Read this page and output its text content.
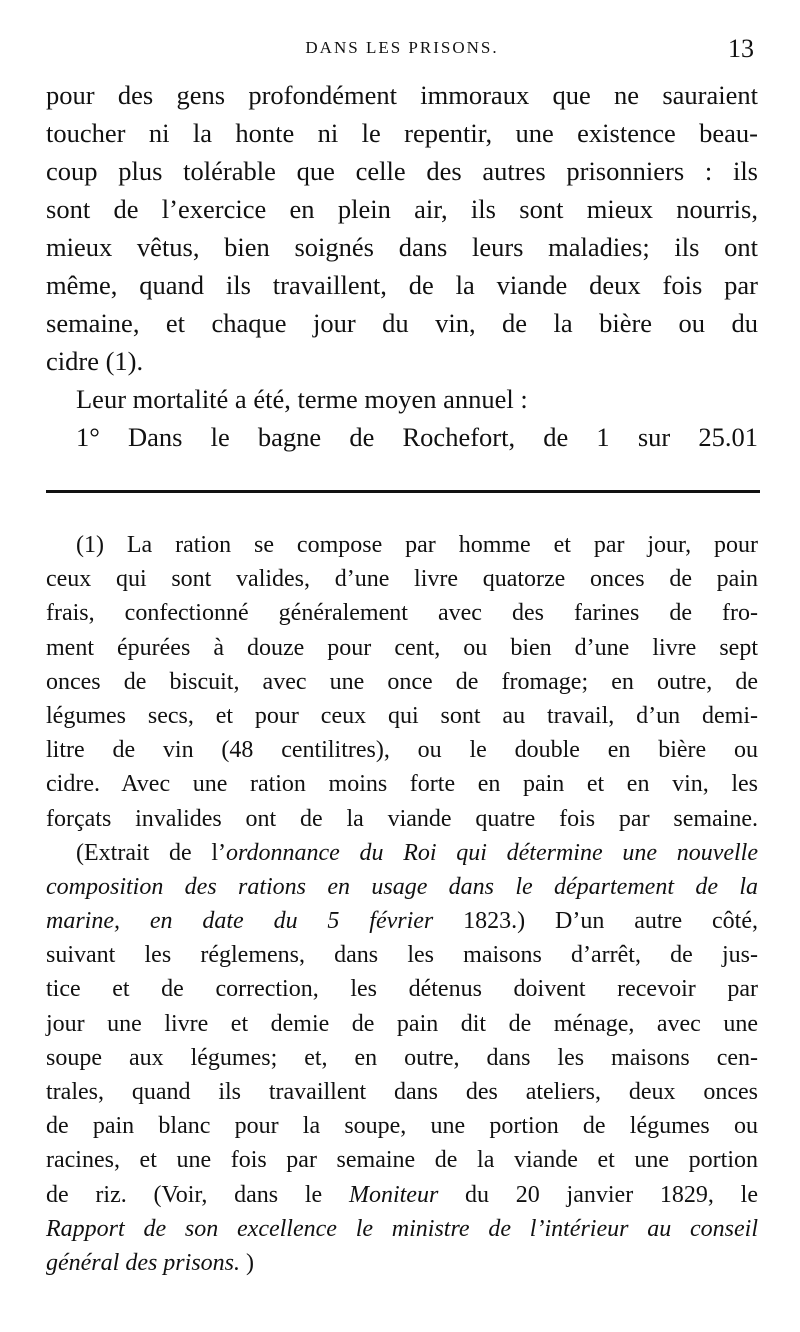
DANS LES PRISONS.	13
pour des gens profondément immoraux que ne sauraient
toucher ni la honte ni le repentir, une existence beau-
coup plus tolérable que celle des autres prisonniers : ils
sont de l’exercice en plein air, ils sont mieux nourris,
mieux vêtus, bien soignés dans leurs maladies; ils ont
même, quand ils travaillent, de la viande deux fois par
semaine, et chaque jour du vin, de la bière ou du
cidre (1).
Leur mortalité a été, terme moyen annuel :
1° Dans le bagne de Rochefort, de 1 sur 25.01
(1) La ration se compose par homme et par jour, pour
ceux qui sont valides, d’une livre quatorze onces de pain
frais, confectionné généralement avec des farines de fro-
ment épurées à douze pour cent, ou bien d’une livre sept
onces de biscuit, avec une once de fromage; en outre, de
légumes secs, et pour ceux qui sont au travail, d’un demi-
litre de vin (48 centilitres), ou le double en bière ou
cidre. Avec une ration moins forte en pain et en vin, les
forçats invalides ont de la viande quatre fois par semaine.
(Extrait de l’ordonnance du Roi qui détermine une nouvelle
composition des rations en usage dans le département de la
marine, en date du 5 février 1823.) D’un autre côté,
suivant les réglemens, dans les maisons d’arrêt, de jus-
tice et de correction, les détenus doivent recevoir par
jour une livre et demie de pain dit de ménage, avec une
soupe aux légumes; et, en outre, dans les maisons cen-
trales, quand ils travaillent dans des ateliers, deux onces
de pain blanc pour la soupe, une portion de légumes ou
racines, et une fois par semaine de la viande et une portion
de riz. (Voir, dans le Moniteur du 20 janvier 1829, le
Rapport de son excellence le ministre de l’intérieur au conseil
général des prisons. )
